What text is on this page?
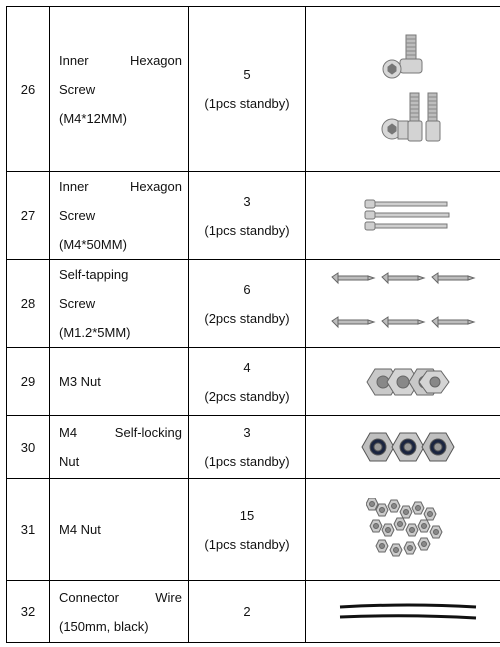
26	Inner Hexagon
Screw
(M4*12MM)	5
(1pcs standby)

27	Inner Hexagon
Screw
(M4*50MM)	3
(1pcs standby)

28	Self-tapping
Screw
(M1.2*5MM)	6
(2pcs standby)

29	M3 Nut	4
(2pcs standby)

30	M4 Self-locking
Nut	3
(1pcs standby)

31	M4 Nut	15
(1pcs standby)

32	Connector Wire
(150mm, black)	2
